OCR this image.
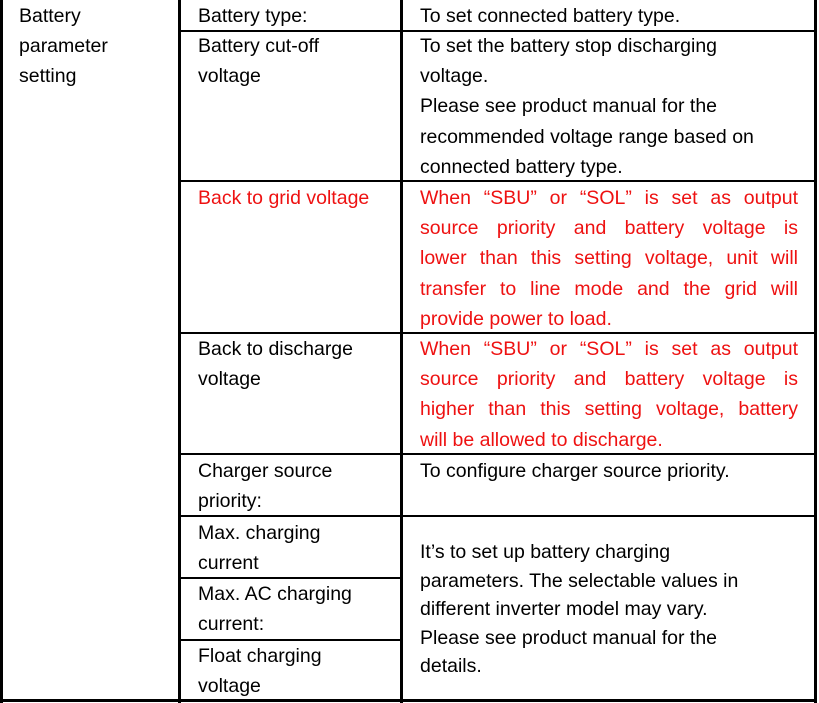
Battery
parameter
setting
Battery type:	To set connected battery type.
Battery cut-off
voltage
To set the battery stop discharging
voltage.
Please see product manual for the
recommended voltage range based on
connected battery type.
Back to grid voltage	When “SBU” or “SOL” is set as output
source priority and battery voltage is
lower than this setting voltage, unit will
transfer to line mode and the grid will
provide power to load.
Back to discharge
voltage
When “SBU” or “SOL” is set as output
source priority and battery voltage is
higher than this setting voltage, battery
will be allowed to discharge.
Charger source
priority:
To configure charger source priority.
Max. charging
current
Max. AC charging
current:
Float charging
voltage
It’s to set up battery charging
parameters. The selectable values in
different inverter model may vary.
Please see product manual for the
details.
